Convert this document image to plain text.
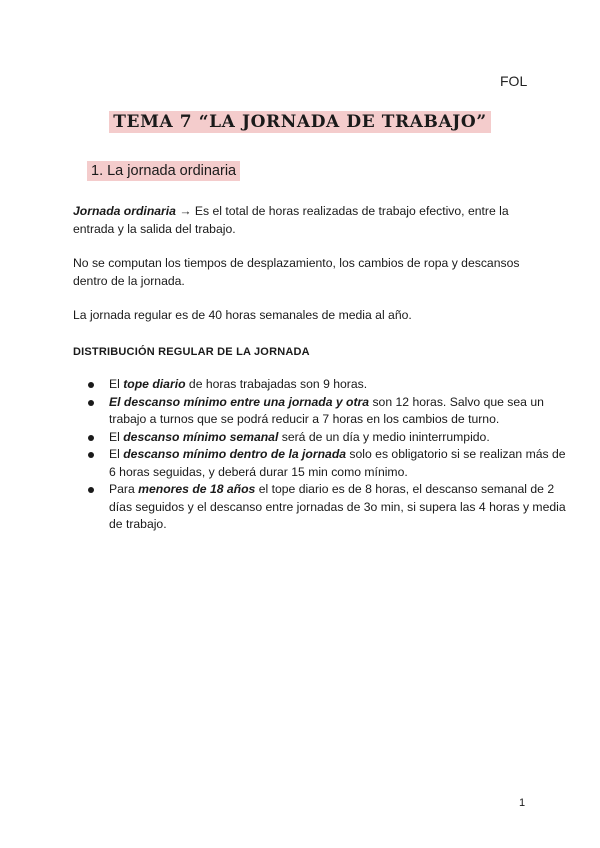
FOL
TEMA 7 “LA JORNADA DE TRABAJO”
1. La jornada ordinaria
Jornada ordinaria → Es el total de horas realizadas de trabajo efectivo, entre la entrada y la salida del trabajo.
No se computan los tiempos de desplazamiento, los cambios de ropa y descansos dentro de la jornada.
La jornada regular es de 40 horas semanales de media al año.
DISTRIBUCIÓN REGULAR DE LA JORNADA
El tope diario de horas trabajadas son 9 horas.
El descanso mínimo entre una jornada y otra son 12 horas. Salvo que sea un trabajo a turnos que se podrá reducir a 7 horas en los cambios de turno.
El descanso mínimo semanal será de un día y medio ininterrumpido.
El descanso mínimo dentro de la jornada solo es obligatorio si se realizan más de 6 horas seguidas, y deberá durar 15 min como mínimo.
Para menores de 18 años el tope diario es de 8 horas, el descanso semanal de 2 días seguidos y el descanso entre jornadas de 3o min, si supera las 4 horas y media de trabajo.
1
